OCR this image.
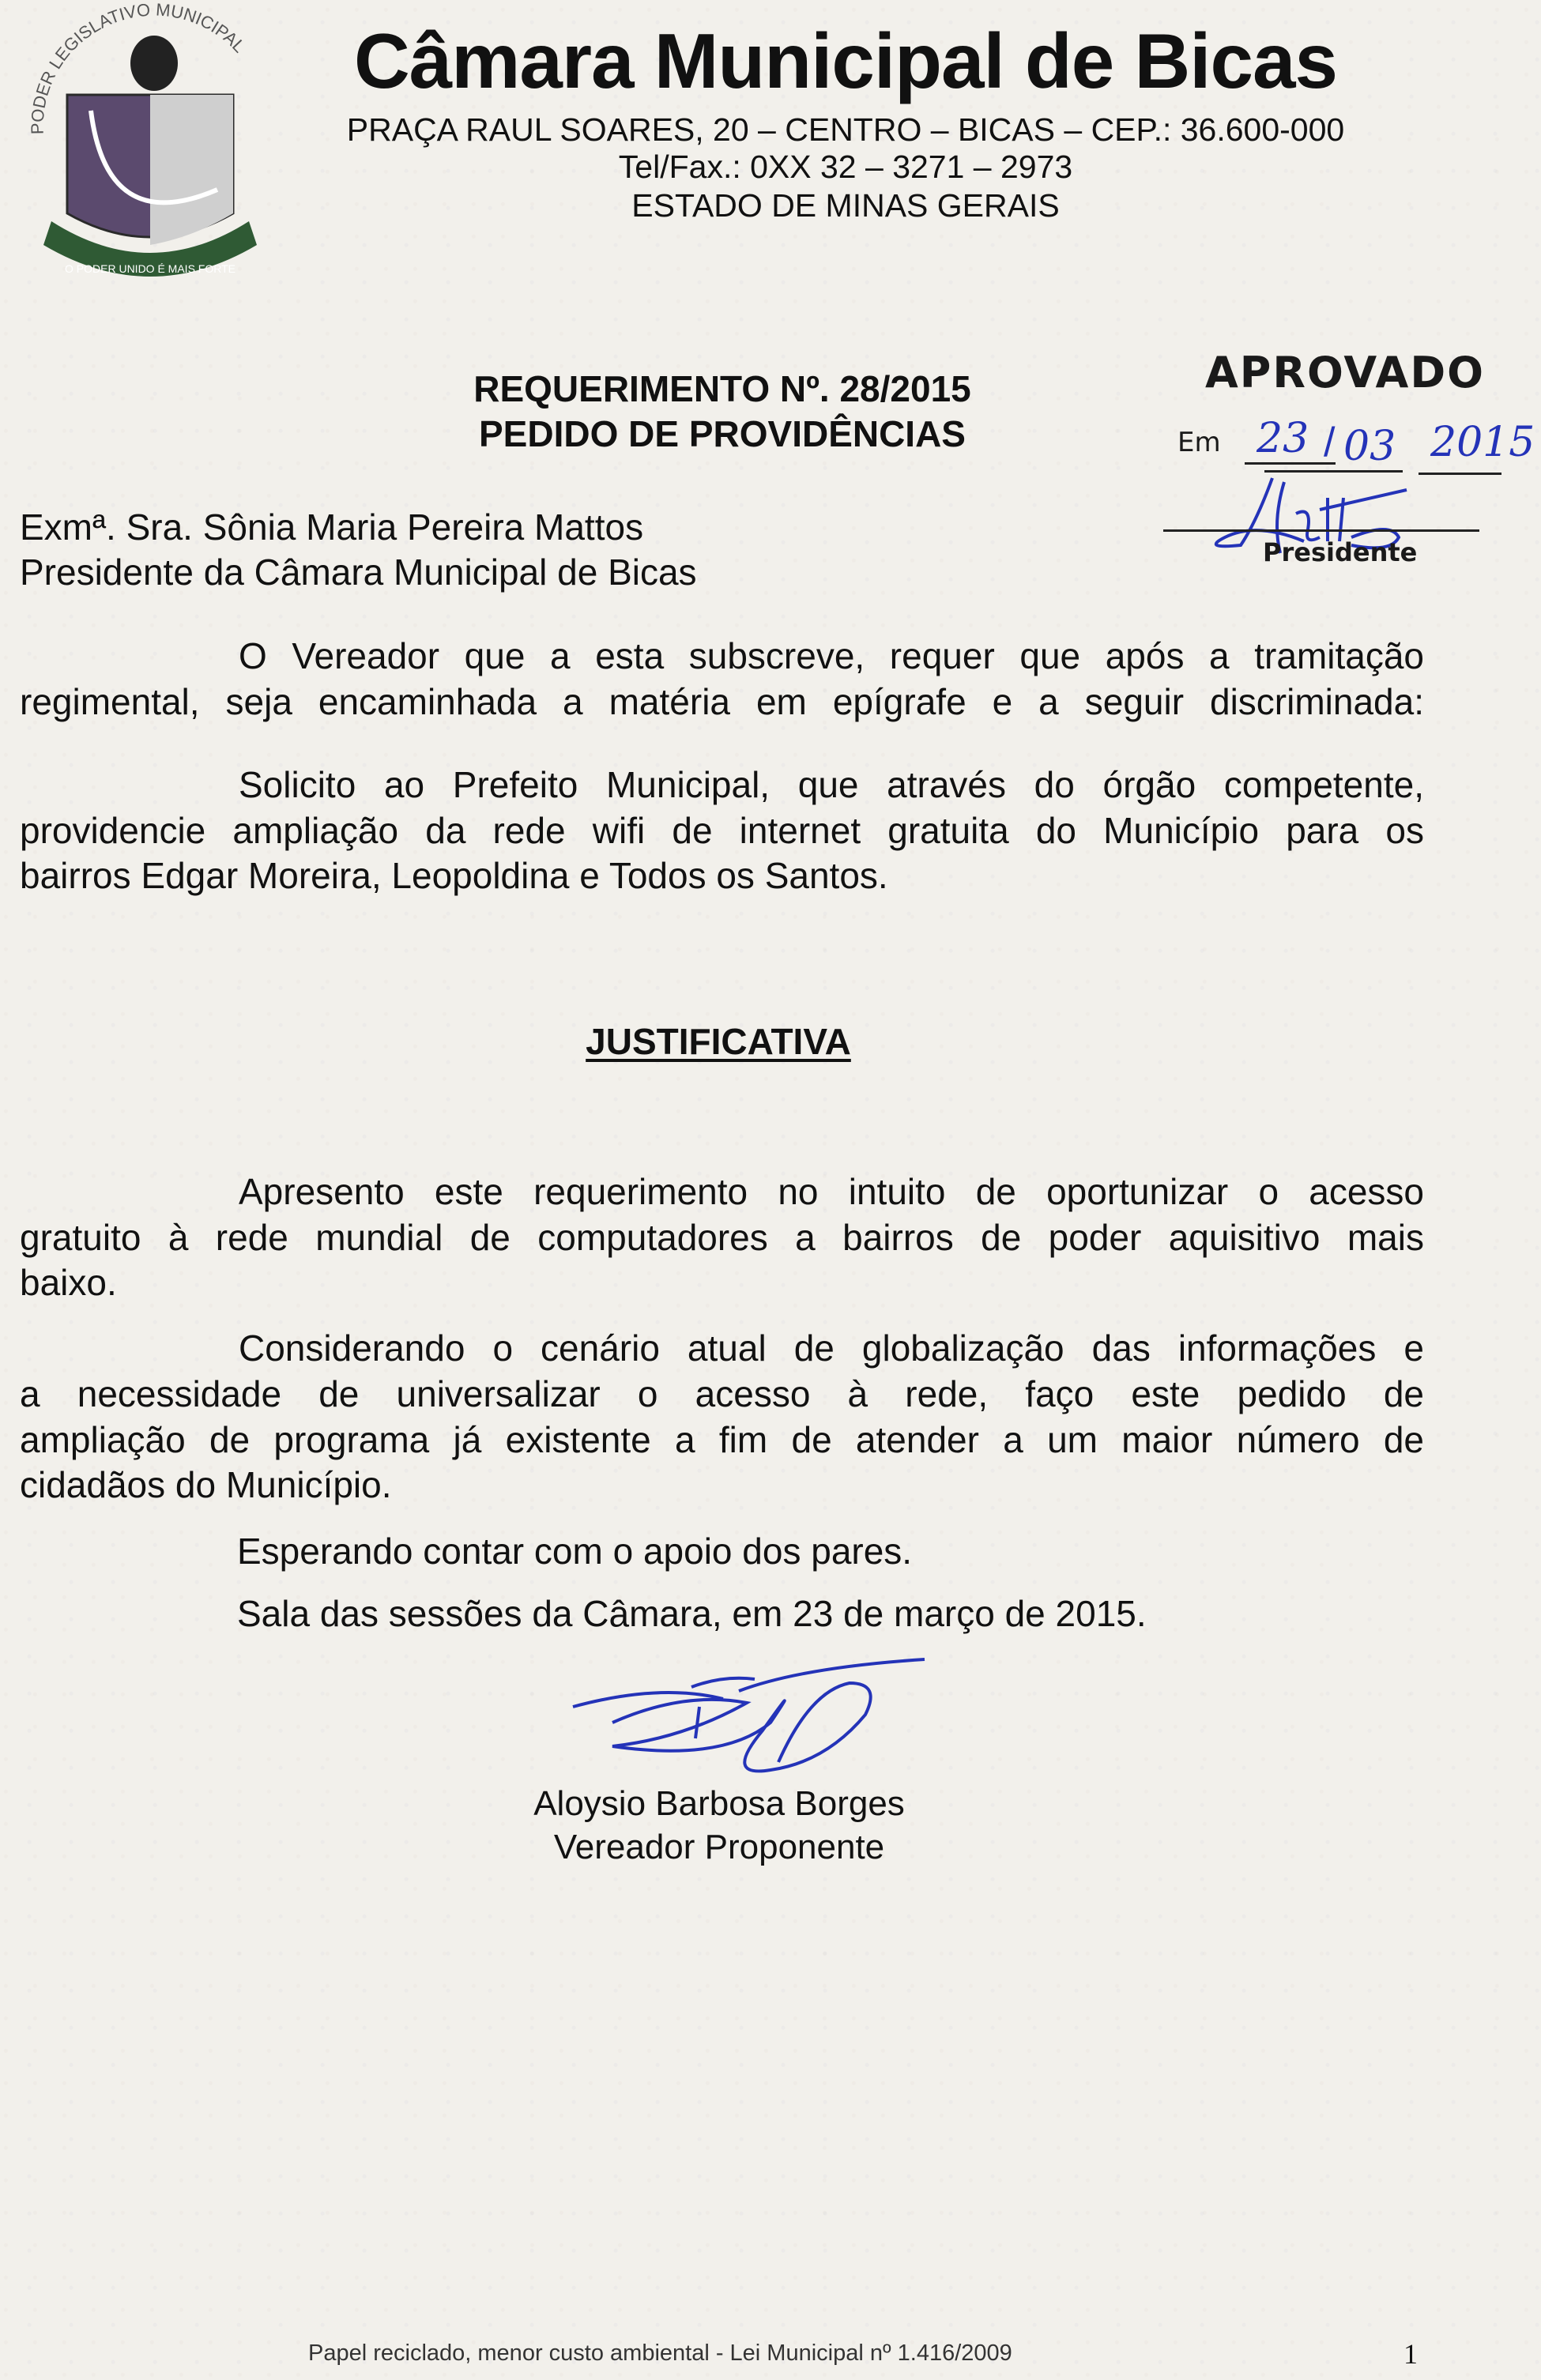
PODER LEGISLATIVO MUNICIPAL
O PODER UNIDO É MAIS FORTE
Câmara Municipal de Bicas
PRAÇA RAUL SOARES, 20 – CENTRO – BICAS – CEP.: 36.600-000
Tel/Fax.: 0XX 32 – 3271 – 2973
ESTADO DE MINAS GERAIS
REQUERIMENTO Nº. 28/2015
PEDIDO DE PROVIDÊNCIAS
APROVADO
Em 23 / 03 2015
Presidente
Exmª. Sra. Sônia Maria Pereira Mattos
Presidente da Câmara Municipal de Bicas
O Vereador que a esta subscreve, requer que após a tramitação
regimental, seja encaminhada a matéria em epígrafe e a seguir discriminada:
Solicito ao Prefeito Municipal, que através do órgão competente,
providencie ampliação da rede wifi de internet gratuita do Município para os
bairros Edgar Moreira, Leopoldina e Todos os Santos.
JUSTIFICATIVA
Apresento este requerimento no intuito de oportunizar o acesso
gratuito à rede mundial de computadores a bairros de poder aquisitivo mais
baixo.
Considerando o cenário atual de globalização das informações e
a necessidade de universalizar o acesso à rede, faço este pedido de
ampliação de programa já existente a fim de atender a um maior número de
cidadãos do Município.
Esperando contar com o apoio dos pares.
Sala das sessões da Câmara, em 23 de março de 2015.
Aloysio Barbosa Borges
Vereador Proponente
Papel reciclado, menor custo ambiental - Lei Municipal nº 1.416/2009	1
